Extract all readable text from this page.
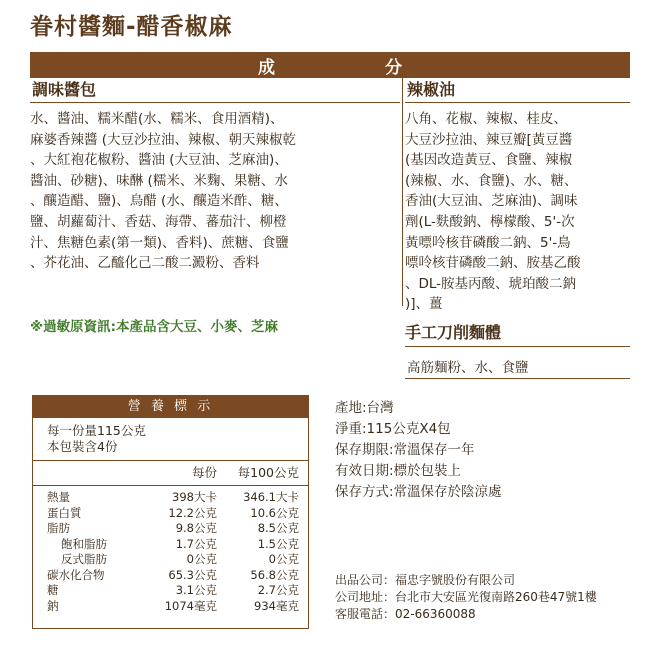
眷村醬麵-醋香椒麻
成	分
調味醬包
水、醬油、糯米醋(水、糯米、食用酒精)、
麻婆香辣醬 (大豆沙拉油、辣椒、朝天辣椒乾
、大紅袍花椒粉、醬油 (大豆油、芝麻油)、
醬油、砂糖)、味醂 (糯米、米麴、果糖、水
、釀造醋、鹽)、烏醋 (水、釀造米酢、糖、
鹽、胡蘿蔔汁、香菇、海帶、蕃茄汁、柳橙
汁、焦糖色素(第一類)、香料)、蔗糖、食鹽
、芥花油、乙醯化己二酸二澱粉、香料
辣椒油
八角、花椒、辣椒、桂皮、
大豆沙拉油、辣豆瓣[黃豆醬
(基因改造黃豆、食鹽、辣椒
(辣椒、水、食鹽)、水、糖、
香油(大豆油、芝麻油)、調味
劑(L-麩酸鈉、檸檬酸、5'-次
黃嘌呤核苷磷酸二鈉、5'-鳥
嘌呤核苷磷酸二鈉、胺基乙酸
、DL-胺基丙酸、琥珀酸二鈉
)]、薑
※過敏原資訊:本產品含大豆、小麥、芝麻	手工刀削麵體
高筋麵粉、水、食鹽
營 養 標 示
每一份量115公克
本包裝含4份
每份	每100公克
熱量	398大卡	346.1大卡
蛋白質	12.2公克	10.6公克
脂肪	9.8公克	8.5公克
飽和脂肪	1.7公克	1.5公克
反式脂肪	0公克	0公克
碳水化合物	65.3公克	56.8公克
糖	3.1公克	2.7公克
鈉	1074毫克	934毫克
產地:台灣
淨重:115公克X4包
保存期限:常溫保存一年
有效日期:標於包裝上
保存方式:常溫保存於陰涼處
出品公司：福忠字號股份有限公司
公司地址：台北市大安區光復南路260巷47號1樓
客服電話：02-66360088
